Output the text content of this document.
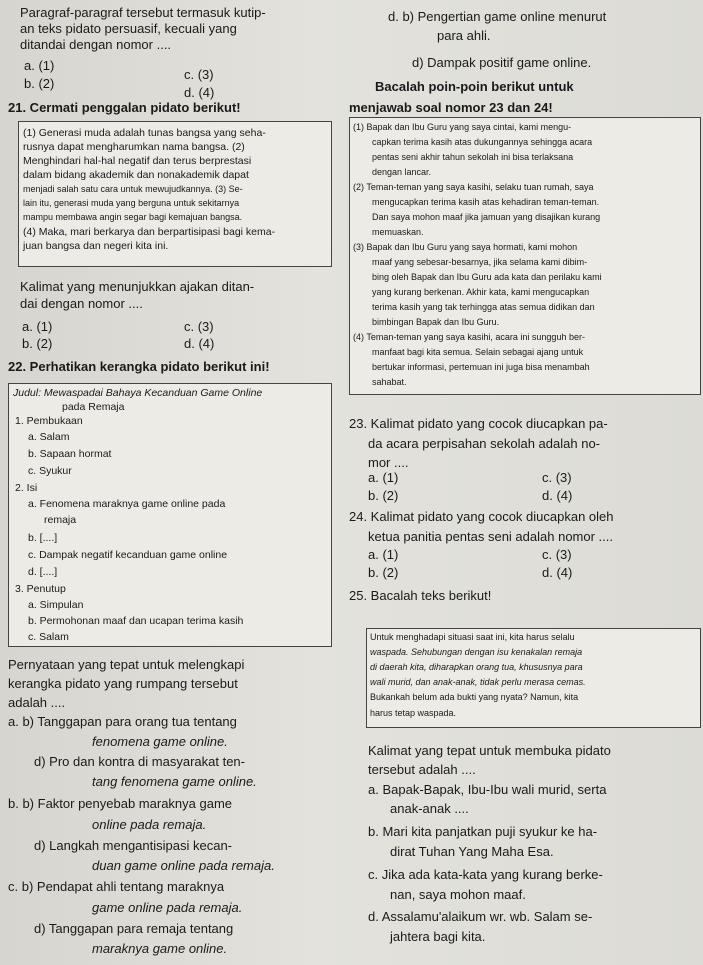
Paragraf-paragraf tersebut termasuk kutip-
an teks pidato persuasif, kecuali yang
ditandai dengan nomor ....
a. (1)
b. (2)
c. (3)
d. (4)
21. Cermati penggalan pidato berikut!
(1) Generasi muda adalah tunas bangsa yang seha-
rusnya dapat mengharumkan nama bangsa. (2)
Menghindari hal-hal negatif dan terus berprestasi
dalam bidang akademik dan nonakademik dapat
menjadi salah satu cara untuk mewujudkannya. (3) Se-
lain itu, generasi muda yang berguna untuk sekitarnya
mampu membawa angin segar bagi kemajuan bangsa.
(4) Maka, mari berkarya dan berpartisipasi bagi kema-
juan bangsa dan negeri kita ini.
Kalimat yang menunjukkan ajakan ditan-
dai dengan nomor ....
a. (1)
b. (2)
c. (3)
d. (4)
22. Perhatikan kerangka pidato berikut ini!
Judul: Mewaspadai Bahaya Kecanduan Game Online
pada Remaja
1. Pembukaan
a. Salam
b. Sapaan hormat
c. Syukur
2. Isi
a. Fenomena maraknya game online pada
remaja
b. [....]
c. Dampak negatif kecanduan game online
d. [....]
3. Penutup
a. Simpulan
b. Permohonan maaf dan ucapan terima kasih
c. Salam
Pernyataan yang tepat untuk melengkapi
kerangka pidato yang rumpang tersebut
adalah ....
a. b) Tanggapan para orang tua tentang
fenomena game online.
d) Pro dan kontra di masyarakat ten-
tang fenomena game online.
b. b) Faktor penyebab maraknya game
online pada remaja.
d) Langkah mengantisipasi kecan-
duan game online pada remaja.
c. b) Pendapat ahli tentang maraknya
game online pada remaja.
d) Tanggapan para remaja tentang
maraknya game online.
d. b) Pengertian game online menurut
para ahli.
d) Dampak positif game online.
Bacalah poin-poin berikut untuk
menjawab soal nomor 23 dan 24!
(1) Bapak dan Ibu Guru yang saya cintai, kami mengu-
capkan terima kasih atas dukungannya sehingga acara
pentas seni akhir tahun sekolah ini bisa terlaksana
dengan lancar.
(2) Teman-teman yang saya kasihi, selaku tuan rumah, saya
mengucapkan terima kasih atas kehadiran teman-teman.
Dan saya mohon maaf jika jamuan yang disajikan kurang
memuaskan.
(3) Bapak dan Ibu Guru yang saya hormati, kami mohon
maaf yang sebesar-besarnya, jika selama kami dibim-
bing oleh Bapak dan Ibu Guru ada kata dan perilaku kami
yang kurang berkenan. Akhir kata, kami mengucapkan
terima kasih yang tak terhingga atas semua didikan dan
bimbingan Bapak dan Ibu Guru.
(4) Teman-teman yang saya kasihi, acara ini sungguh ber-
manfaat bagi kita semua. Selain sebagai ajang untuk
bertukar informasi, pertemuan ini juga bisa menambah
sahabat.
23. Kalimat pidato yang cocok diucapkan pa-
da acara perpisahan sekolah adalah no-
mor ....
a. (1)
b. (2)
c. (3)
d. (4)
24. Kalimat pidato yang cocok diucapkan oleh
ketua panitia pentas seni adalah nomor ....
a. (1)
b. (2)
c. (3)
d. (4)
25. Bacalah teks berikut!
Untuk menghadapi situasi saat ini, kita harus selalu
waspada. Sehubungan dengan isu kenakalan remaja
di daerah kita, diharapkan orang tua, khususnya para
wali murid, dan anak-anak, tidak perlu merasa cemas.
Bukankah belum ada bukti yang nyata? Namun, kita
harus tetap waspada.
Kalimat yang tepat untuk membuka pidato
tersebut adalah ....
a. Bapak-Bapak, Ibu-Ibu wali murid, serta
anak-anak ....
b. Mari kita panjatkan puji syukur ke ha-
dirat Tuhan Yang Maha Esa.
c. Jika ada kata-kata yang kurang berke-
nan, saya mohon maaf.
d. Assalamu'alaikum wr. wb. Salam se-
jahtera bagi kita.
